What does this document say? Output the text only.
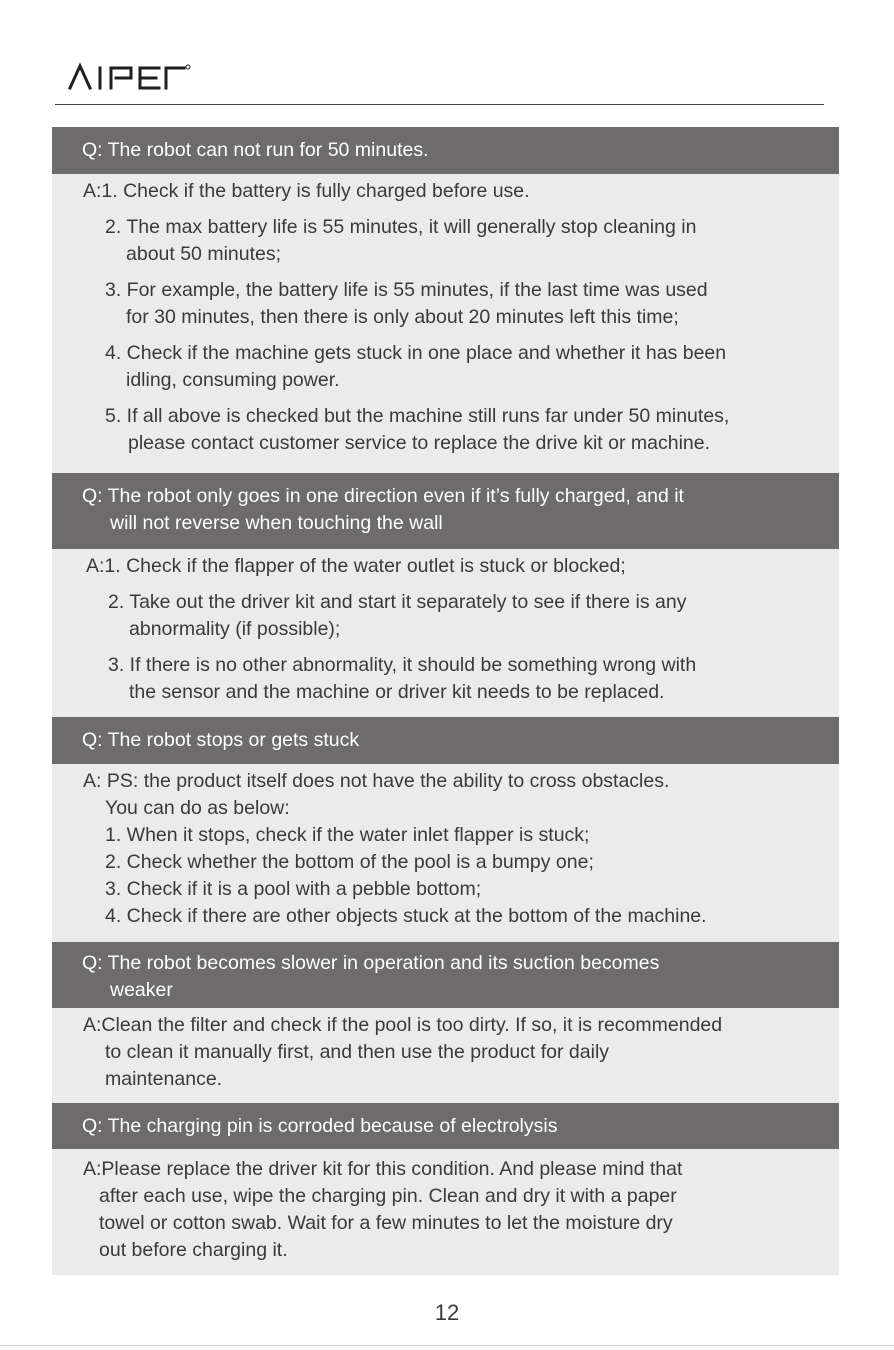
Q: The robot can not run for 50 minutes.

A:1. Check if the battery is fully charged before use.

2. The max battery life is 55 minutes, it will generally stop cleaning in

about 50 minutes;

3. For example, the battery life is 55 minutes, if the last time was used

for 30 minutes, then there is only about 20 minutes left this time;

4. Check if the machine gets stuck in one place and whether it has been

idling, consuming power.

5. If all above is checked but the machine still runs far under 50 minutes,

please contact customer service to replace the drive kit or machine.

Q: The robot only goes in one direction even if it’s fully charged, and it
will not reverse when touching the wall

A:1. Check if the flapper of the water outlet is stuck or blocked;

2. Take out the driver kit and start it separately to see if there is any

abnormality (if possible);

3. If there is no other abnormality, it should be something wrong with

the sensor and the machine or driver kit needs to be replaced.

Q: The robot stops or gets stuck

A: PS: the product itself does not have the ability to cross obstacles.

You can do as below:

1. When it stops, check if the water inlet flapper is stuck;

2. Check whether the bottom of the pool is a bumpy one;

3. Check if it is a pool with a pebble bottom;

4. Check if there are other objects stuck at the bottom of the machine.

Q: The robot becomes slower in operation and its suction becomes
weaker

A:Clean the filter and check if the pool is too dirty. If so, it is recommended

to clean it manually first, and then use the product for daily

maintenance.

Q: The charging pin is corroded because of electrolysis

A:Please replace the driver kit for this condition. And please mind that

after each use, wipe the charging pin. Clean and dry it with a paper

towel or cotton swab. Wait for a few minutes to let the moisture dry

out before charging it.

12
